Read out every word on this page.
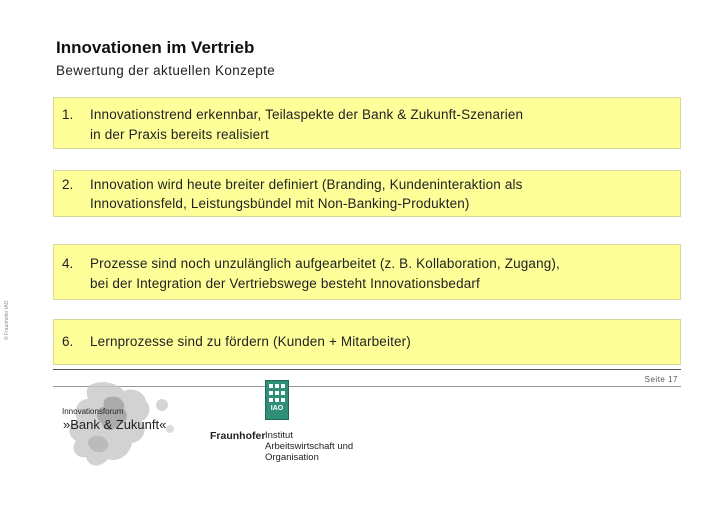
Innovationen im Vertrieb
Bewertung der aktuellen Konzepte
1. Innovationstrend erkennbar, Teilaspekte der Bank & Zukunft-Szenarien
in der Praxis bereits realisiert
2. Innovation wird heute breiter definiert (Branding, Kundeninteraktion als
Innovationsfeld, Leistungsbündel mit Non-Banking-Produkten)
4. Prozesse sind noch unzulänglich aufgearbeitet (z. B. Kollaboration, Zugang),
bei der Integration der Vertriebswege besteht Innovationsbedarf
6. Lernprozesse sind zu fördern (Kunden + Mitarbeiter)
Seite 17
© Fraunhofer IAO
Innovationsforum
»Bank & Zukunft«
IAO
Fraunhofer Institut
Arbeitswirtschaft und
Organisation
